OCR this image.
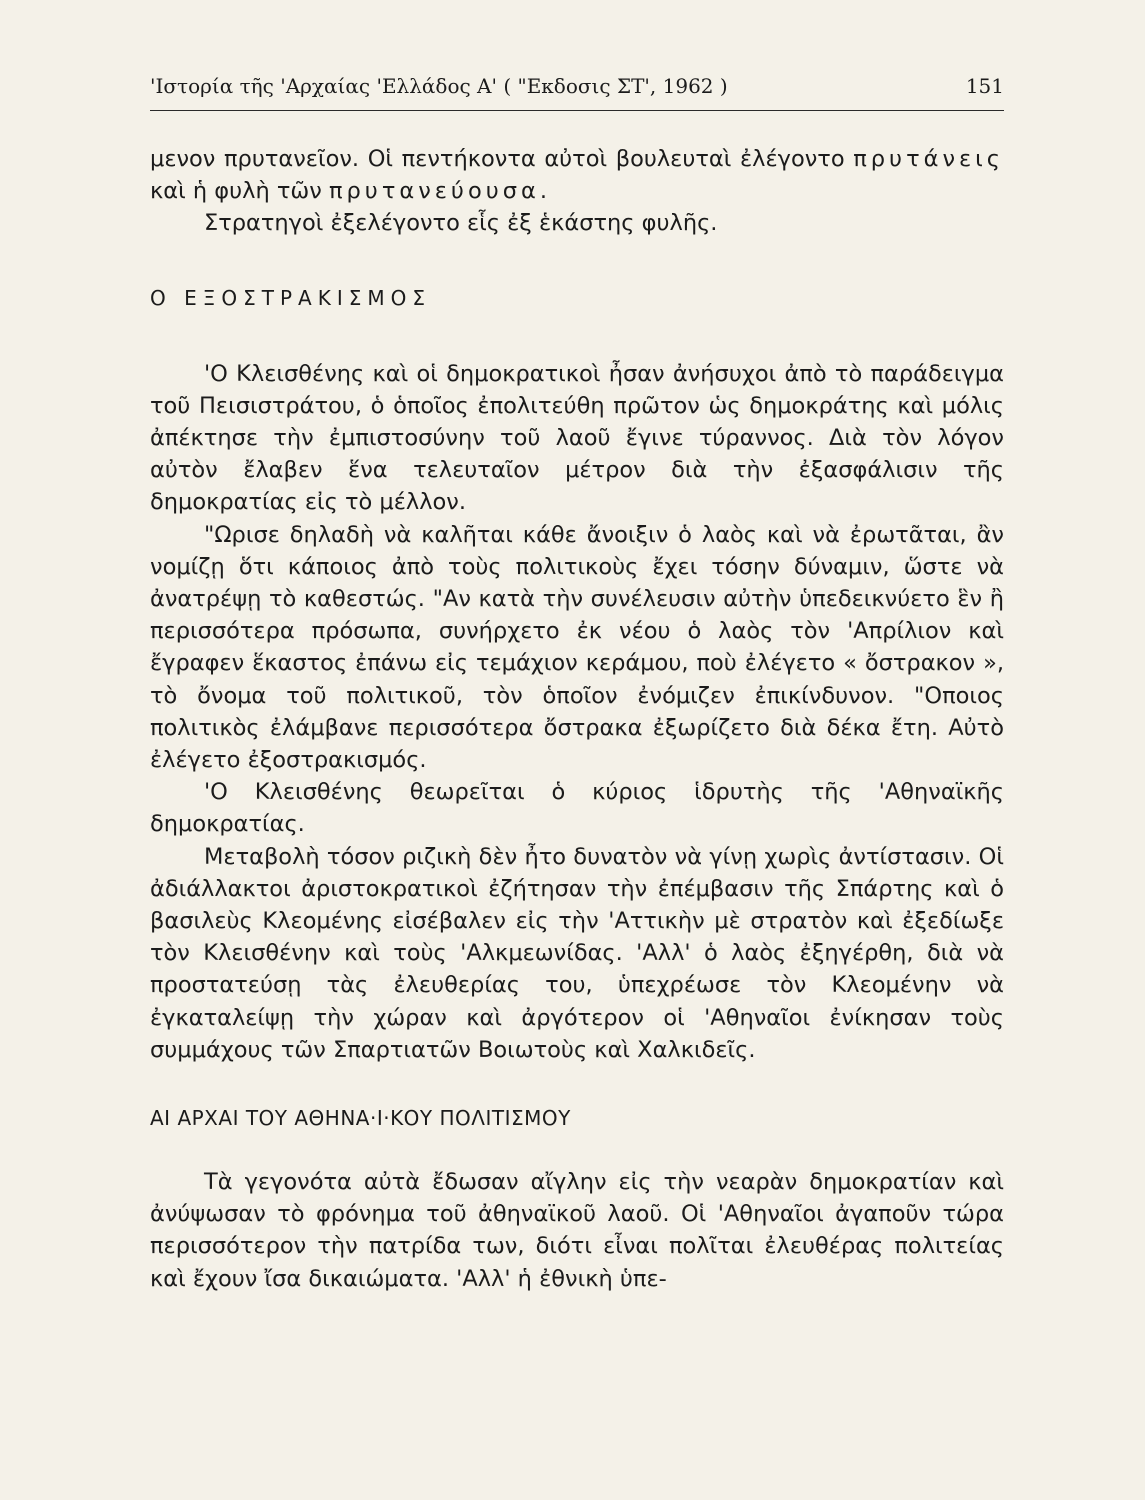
'Ιστορία τῆς 'Αρχαίας 'Ελλάδος Α' ( "Εκδοσις ΣΤ', 1962 )	151

μενον πρυτανεῖον. Οἱ πεντήκοντα αὐτοὶ βουλευταὶ ἐλέγοντο πρυτάνεις καὶ ἡ φυλὴ τῶν πρυτανεύουσα.

Στρατηγοὶ ἐξελέγοντο εἷς ἐξ ἑκάστης φυλῆς.

Ο ΕΞΟΣΤΡΑΚΙΣΜΟΣ

'Ο Κλεισθένης καὶ οἱ δημοκρατικοὶ ἦσαν ἀνήσυχοι ἀπὸ τὸ παράδειγμα τοῦ Πεισιστράτου, ὁ ὁποῖος ἐπολιτεύθη πρῶτον ὡς δημοκράτης καὶ μόλις ἀπέκτησε τὴν ἐμπιστοσύνην τοῦ λαοῦ ἔγινε τύραννος. Διὰ τὸν λόγον αὐτὸν ἔλαβεν ἕνα τελευταῖον μέτρον διὰ τὴν ἐξασφάλισιν τῆς δημοκρατίας εἰς τὸ μέλλον.

"Ωρισε δηλαδὴ νὰ καλῆται κάθε ἄνοιξιν ὁ λαὸς καὶ νὰ ἐρωτᾶται, ἂν νομίζῃ ὅτι κάποιος ἀπὸ τοὺς πολιτικοὺς ἔχει τόσην δύναμιν, ὥστε νὰ ἀνατρέψῃ τὸ καθεστώς. "Αν κατὰ τὴν συνέλευσιν αὐτὴν ὑπεδεικνύετο ἓν ἢ περισσότερα πρόσωπα, συνήρχετο ἐκ νέου ὁ λαὸς τὸν 'Απρίλιον καὶ ἔγραφεν ἕκαστος ἐπάνω εἰς τεμάχιον κεράμου, ποὺ ἐλέγετο « ὄστρακον », τὸ ὄνομα τοῦ πολιτικοῦ, τὸν ὁποῖον ἐνόμιζεν ἐπικίνδυνον. "Οποιος πολιτικὸς ἐλάμβανε περισσότερα ὄστρακα ἐξωρίζετο διὰ δέκα ἔτη. Αὐτὸ ἐλέγετο ἐξοστρακισμός.

'Ο Κλεισθένης θεωρεῖται ὁ κύριος ἱδρυτὴς τῆς 'Αθηναϊκῆς δημοκρατίας.

Μεταβολὴ τόσον ριζικὴ δὲν ἦτο δυνατὸν νὰ γίνῃ χωρὶς ἀντίστασιν. Οἱ ἀδιάλλακτοι ἀριστοκρατικοὶ ἐζήτησαν τὴν ἐπέμβασιν τῆς Σπάρτης καὶ ὁ βασιλεὺς Κλεομένης εἰσέβαλεν εἰς τὴν 'Αττικὴν μὲ στρατὸν καὶ ἐξεδίωξε τὸν Κλεισθένην καὶ τοὺς 'Αλκμεωνίδας. 'Αλλ' ὁ λαὸς ἐξηγέρθη, διὰ νὰ προστατεύσῃ τὰς ἐλευθερίας του, ὑπεχρέωσε τὸν Κλεομένην νὰ ἐγκαταλείψῃ τὴν χώραν καὶ ἀργότερον οἱ 'Αθηναῖοι ἐνίκησαν τοὺς συμμάχους τῶν Σπαρτιατῶν Βοιωτοὺς καὶ Χαλκιδεῖς.

ΑΙ ΑΡΧΑΙ ΤΟΥ ΑΘΗΝΑ·Ι·ΚΟΥ ΠΟΛΙΤΙΣΜΟΥ

Τὰ γεγονότα αὐτὰ ἔδωσαν αἴγλην εἰς τὴν νεαρὰν δημοκρατίαν καὶ ἀνύψωσαν τὸ φρόνημα τοῦ ἀθηναϊκοῦ λαοῦ. Οἱ 'Αθηναῖοι ἀγαποῦν τώρα περισσότερον τὴν πατρίδα των, διότι εἶναι πολῖται ἐλευθέρας πολιτείας καὶ ἔχουν ἴσα δικαιώματα. 'Αλλ' ἡ ἐθνικὴ ὑπε-
